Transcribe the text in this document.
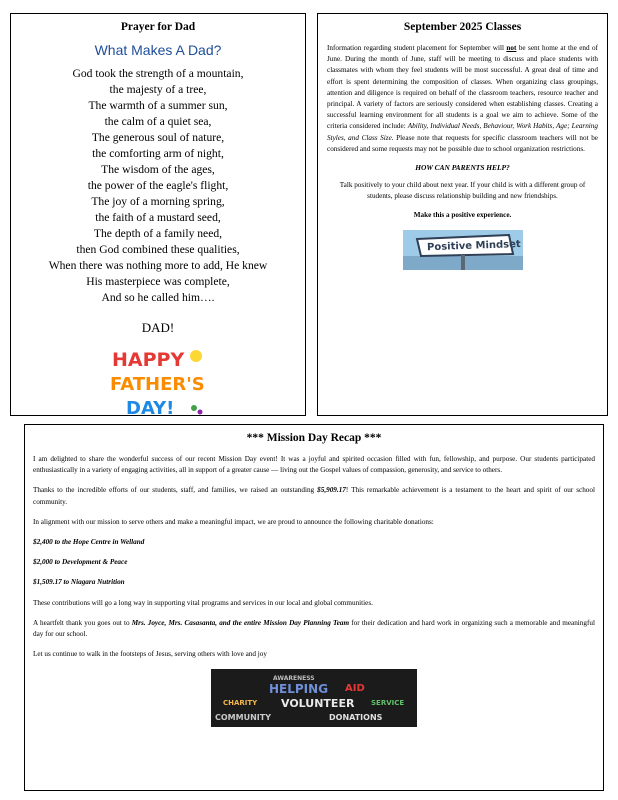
Prayer for Dad
What Makes A Dad?
God took the strength of a mountain,
the majesty of a tree,
The warmth of a summer sun,
the calm of a quiet sea,
The generous soul of nature,
the comforting arm of night,
The wisdom of the ages,
the power of the eagle's flight,
The joy of a morning spring,
the faith of a mustard seed,
The depth of a family need,
then God combined these qualities,
When there was nothing more to add, He knew
His masterpiece was complete,
And so he called him….
DAD!
HAPPY
FATHER'S
DAY!
September 2025 Classes
Information regarding student placement for September will not be sent home at the end of June. During the month of June, staff will be meeting to discuss and place students with classmates with whom they feel students will be most successful. A great deal of time and effort is spent determining the composition of classes. When organizing class groupings, attention and diligence is required on behalf of the classroom teachers, resource teacher and principal. A variety of factors are seriously considered when establishing classes. Creating a successful learning environment for all students is a goal we aim to achieve. Some of the criteria considered include: Ability, Individual Needs, Behaviour, Work Habits, Age; Learning Styles, and Class Size. Please note that requests for specific classroom teachers will not be considered and some requests may not be possible due to school organization restrictions.
HOW CAN PARENTS HELP?
Talk positively to your child about next year. If your child is with a different group of students, please discuss relationship building and new friendships.
Make this a positive experience.
Positive Mindset
*** Mission Day Recap ***

I am delighted to share the wonderful success of our recent Mission Day event! It was a joyful and spirited occasion filled with fun, fellowship, and purpose. Our students participated enthusiastically in a variety of engaging activities, all in support of a greater cause — living out the Gospel values of compassion, generosity, and service to others.

Thanks to the incredible efforts of our students, staff, and families, we raised an outstanding $5,909.17! This remarkable achievement is a testament to the heart and spirit of our school community.

In alignment with our mission to serve others and make a meaningful impact, we are proud to announce the following charitable donations:

$2,400 to the Hope Centre in Welland

$2,000 to Development & Peace

$1,509.17 to Niagara Nutrition

These contributions will go a long way in supporting vital programs and services in our local and global communities.

A heartfelt thank you goes out to Mrs. Joyce, Mrs. Casasanta, and the entire Mission Day Planning Team for their dedication and hard work in organizing such a memorable and meaningful day for our school.

Let us continue to walk in the footsteps of Jesus, serving others with love and joy

HELPING
VOLUNTEER
DONATIONS
COMMUNITY
AID
CHARITY	SERVICE
AWARENESS
